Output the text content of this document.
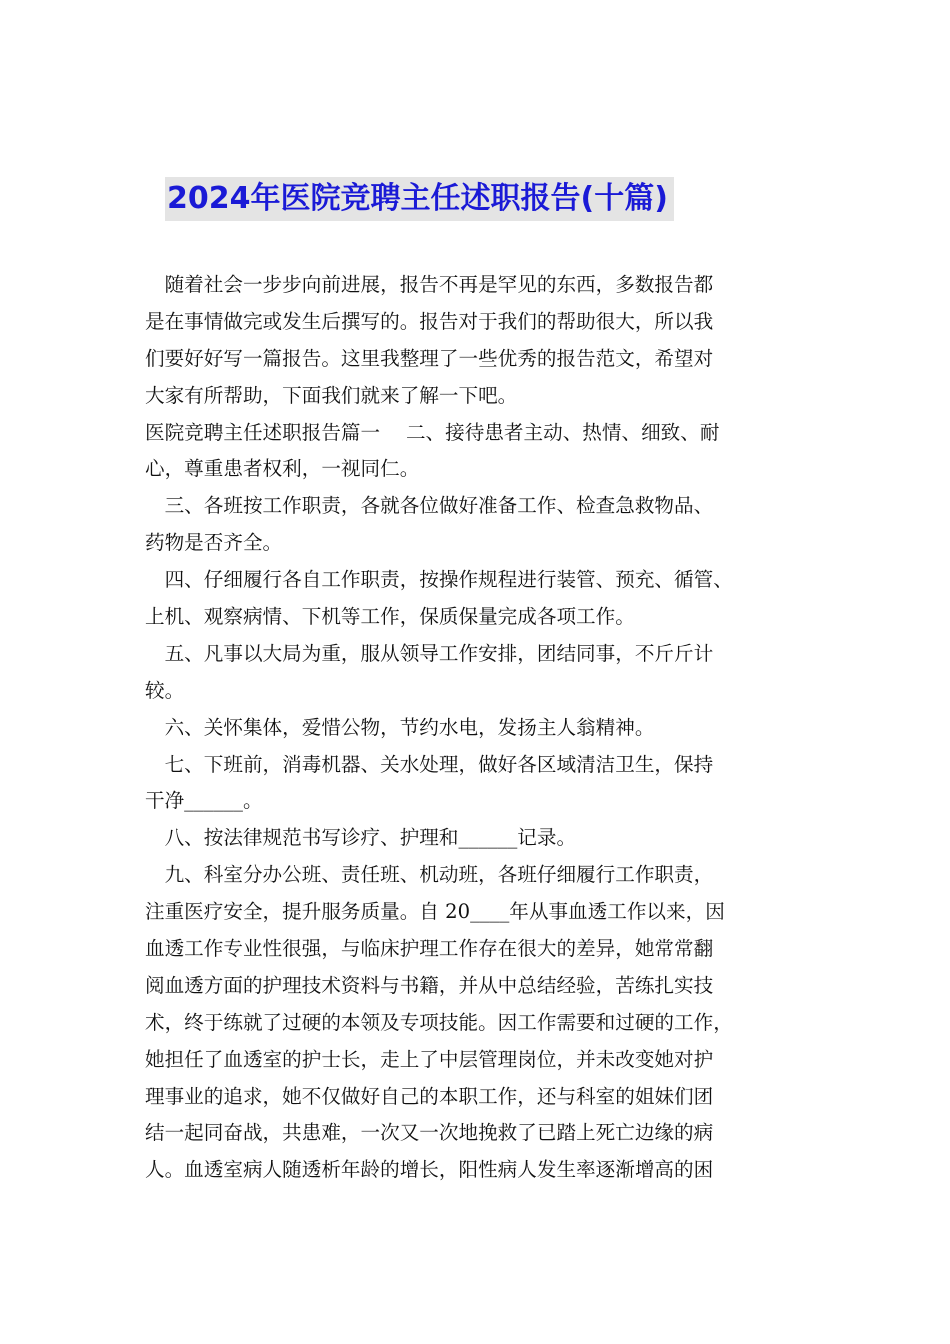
2024年医院竞聘主任述职报告(十篇)
　随着社会一步步向前进展，报告不再是罕见的东西，多数报告都
是在事情做完或发生后撰写的。报告对于我们的帮助很大，所以我
们要好好写一篇报告。这里我整理了一些优秀的报告范文，希望对
大家有所帮助，下面我们就来了解一下吧。
医院竞聘主任述职报告篇一　 二、接待患者主动、热情、细致、耐
心，尊重患者权利，一视同仁。
　三、各班按工作职责，各就各位做好准备工作、检查急救物品、
药物是否齐全。
　四、仔细履行各自工作职责，按操作规程进行装管、预充、循管、
上机、观察病情、下机等工作，保质保量完成各项工作。
　五、凡事以大局为重，服从领导工作安排，团结同事，不斤斤计
较。
　六、关怀集体，爱惜公物，节约水电，发扬主人翁精神。
　七、下班前，消毒机器、关水处理，做好各区域清洁卫生，保持
干净______。
　八、按法律规范书写诊疗、护理和______记录。
　九、科室分办公班、责任班、机动班，各班仔细履行工作职责，
注重医疗安全，提升服务质量。自 20____年从事血透工作以来，因
血透工作专业性很强，与临床护理工作存在很大的差异，她常常翻
阅血透方面的护理技术资料与书籍，并从中总结经验，苦练扎实技
术，终于练就了过硬的本领及专项技能。因工作需要和过硬的工作，
她担任了血透室的护士长，走上了中层管理岗位，并未改变她对护
理事业的追求，她不仅做好自己的本职工作，还与科室的姐妹们团
结一起同奋战，共患难，一次又一次地挽救了已踏上死亡边缘的病
人。血透室病人随透析年龄的增长，阳性病人发生率逐渐增高的困
